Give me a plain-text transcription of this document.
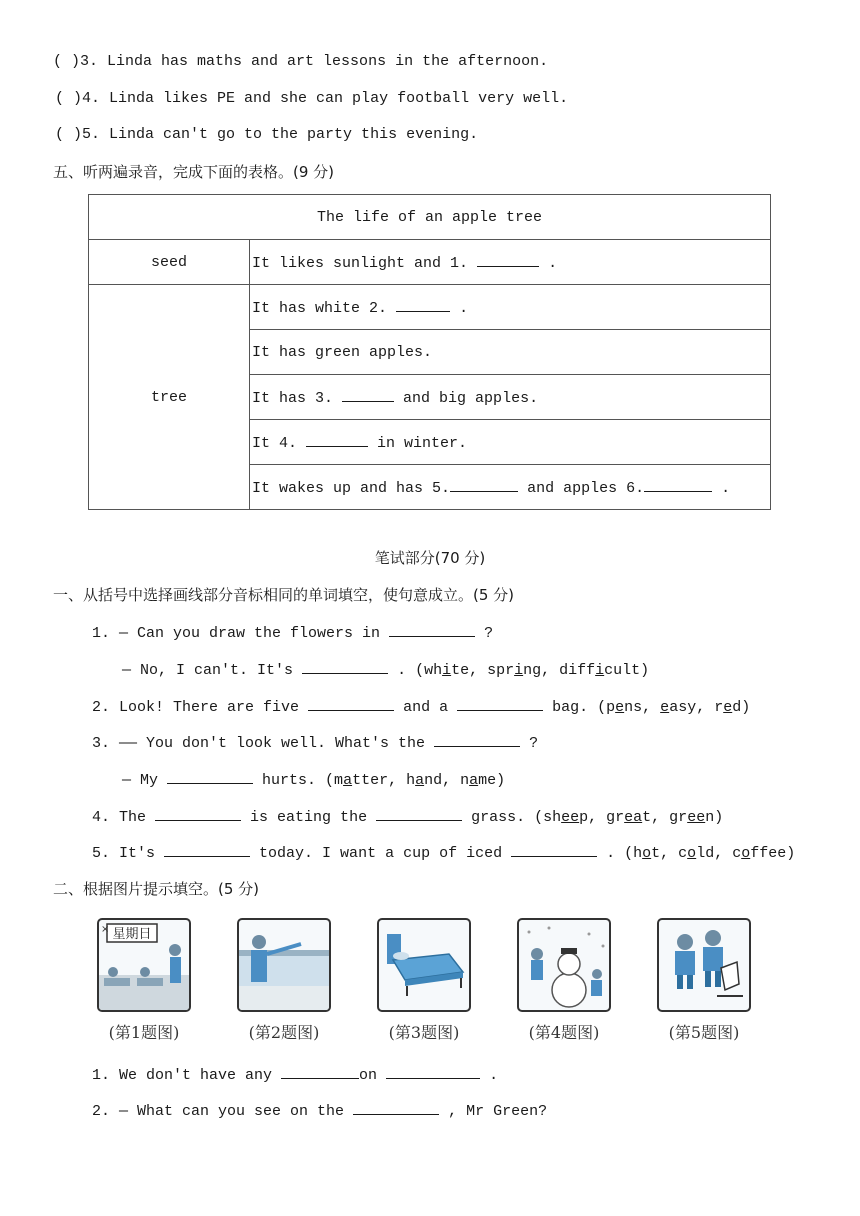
( )3. Linda has maths and art lessons in the afternoon.
( )4. Linda likes PE and she can play football very well.
( )5. Linda can't go to the party this evening.
五、听两遍录音，完成下面的表格。(9 分)
The life of an apple tree	
seed	It likes sunlight and 1. .
tree	It has white 2. .
	It has green apples.
	It has 3. and big apples.
	It 4. in winter.
	It wakes up and has 5. and apples 6. .
笔试部分(70 分)
一、从括号中选择画线部分音标相同的单词填空，使句意成立。(5 分)
1. — Can you draw the flowers in	?
— No, I can't. It's	. (white, spring, difficult)
2. Look! There are five	and a	bag. (pens, easy, red)
3. —— You don't look well. What's the	?
— My	hurts. (matter, hand, name)
4. The	is eating the	grass. (sheep, great, green)
5. It's	today. I want a cup of iced	. (hot, cold, coffee)
二、根据图片提示填空。(5 分)
星期日
×
(第1题图)	(第2题图)	(第3题图)	(第4题图)	(第5题图)
1. We don't have any	on	.
2. — What can you see on the	, Mr Green?
